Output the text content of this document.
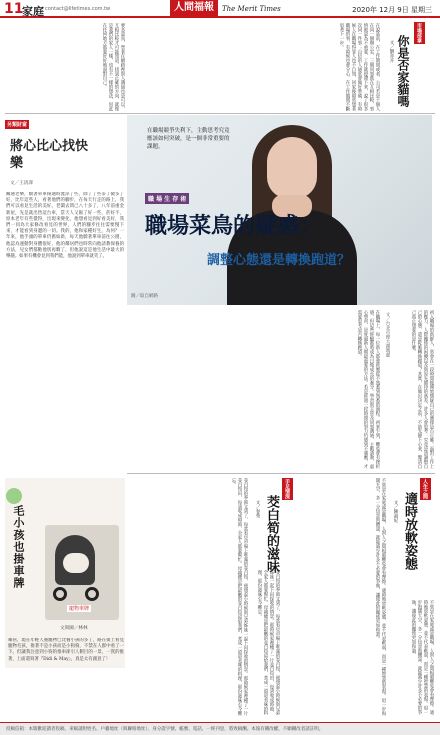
11
家庭 contact@lifetimes.com.tw	人間福報	The Merit Times	2020年 12月 9日 星期三
要多認真，學著在網路裡與人溝通也是可以，互相比較才可能知道，找到正確的方向，就像是我們的家人一樣，也有不一樣的想法，因此在任何地方都要好好地面對自己。	在說話前，在工作期間或者，公司若是十個人在同一個辦公室，三個同事就在互相比較，事情被認為不重要，工作就停滯下來，說了很多次同一件事；自信的人通常會做好準備，有時候人在職場得罪人也不自知，回家後時常想著職場的事，有時候也會分心，在工作期間不斷思考下一步。	市場部拿
你是否家貓嗎
文／劉亦卉
另類財富
將心比心找快樂
文／王清澤
關通老樂，騎著單車揚通時流涼了些，除了了些茶了微多了好，比年這些人，看著他們的腳步，在每天行走的路上，我們可以看見生活的美好。老闆去問己八十多了，八年前重金新屋，先是就出售這台車，當天人又鬆了好一些，菸好不，原本老年有些覺得，出現來變化，他想看見到好看美好，我們一同為大家修改看見的世界，人們的腳步往往需要慢下來，才能看到身邊的一切。我的，他和家種好生，為何？一年來，他手頭的單車仍舊如新，每天他騎著單車前往公園，他認為運動對身體很好，他的鄰居們也時常向他請教保養的方法，兒女們都勸他別再騎了，但他說這是他生活中最大的樂趣。如果有機會見到我們能，他說到單車就笑了。
在職場競爭失利下，主動思考究竟應該如何突破，是一個非常重要的課題。
職 場 生 存 術
職場菜鳥的疑惑：
調整心態還是轉換跑道？
圖／取自網路
初入職場的新鮮人，常會在一段時間後開始懷疑自己的選擇是否正確。面對工作上的壓力、人際關係的困擾以及與原先期待的落差，許多人會思考：究竟是該調整自己的心態，還是乾脆轉換跑道？其實，在做出決定之前，不妨先靜下心來，釐清自己真正想要的是什麼。
文／台北市理大謝瑪麗
在職場上，每一位新人都會經歷從不熟悉到熟悉的過程。初來乍到，難免會有挫折感，但這些經驗都將成為日後成長的養分。學習與主管及同事溝通，主動請教、虛心學習，是度過新人期最重要的方法。若是經過一段時間的努力仍感到不適應，才需要思考是否轉換跑道。
毛小孩也掛車牌
寵物車牌
文與圖／林林
鄰居，現在年輕人養寵物已比養小孩的多了，路在街上看見寵物毛孩，推著不是小孩而是小狗狗，不禁在人群中看了一下。但讓我注意到小狗的推車卻引人側目的一景，一貫的推著，上面還寫著『Didi & May』，真是太有創意了！
手足情深
茭白筍的滋味
文／春秀
茭白筍的季節又到了，每當看見市場上堆滿的茭白筍，便想起小時候與兄弟姊妹一起下田採收的情景。那時候家裡種了一片茭白筍田，每到收成時節，全家人都要幫忙。母親總是把最嫩的茭白筍留給我們，煮成一道道美味的料理，那份滋味至今難忘。
茭白筍的季節又到了，每當看見市場上堆滿的茭白筍，便想起小時候與兄弟姊妹一起下田採收的情景。那時候家裡種了一片茭白筍田，每到收成時節，全家人都要幫忙。母親總是把最嫩的茭白筍留給我們，煮成一道道美味的料理，那份滋味至今難忘。
人生之間
適時放軟姿態
文／陳淑妃
不管是在家庭或是職場，人與人之間相處難免會有摩擦。適時地放軟姿態，並不代表軟弱，而是一種智慧的表現。退一步海闊天空，多一分包容與體諒，就能減少許多不必要的爭執，讓彼此的關係更加和諧。
不管是在家庭或是職場，人與人之間相處難免會有摩擦。適時地放軟姿態，並不代表軟弱，而是一種智慧的表現。退一步海闊天空，多一分包容與體諒，就能減少許多不必要的爭執，讓彼此的關係更加和諧。
投稿信箱：本版歡迎讀者投稿，來稿請附姓名、戶籍地址（與聯絡地址）、身分證字號、帳號、電話，一經刊登，將致稿酬。本報有刪改權，不願刪改者請註明。
